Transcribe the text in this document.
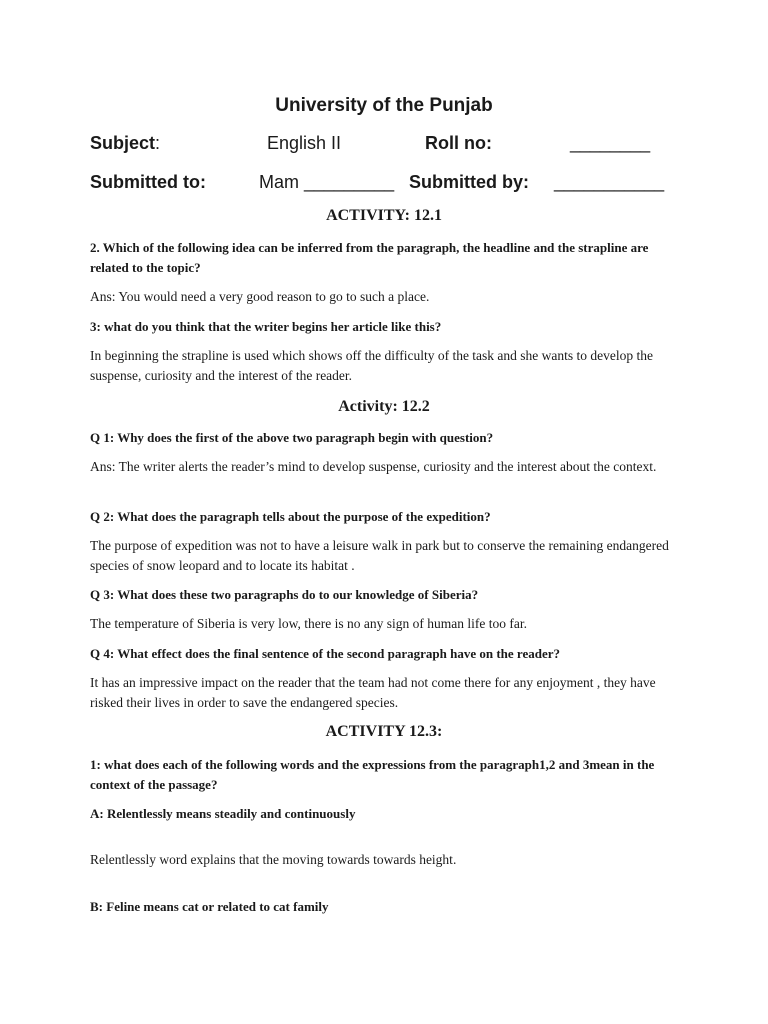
University of the Punjab
Subject:	English II	Roll no:	________
Submitted to:	Mam _________ Submitted by: ___________
ACTIVITY: 12.1
2. Which of the following idea can be inferred from the paragraph, the headline and the strapline are related to the topic?
Ans: You would need a very good reason to go to such a place.
3: what do you think that the writer begins her article like this?
In beginning the strapline is used which shows off the difficulty of the task and she wants to develop the suspense, curiosity and the interest of the reader.
Activity: 12.2
Q 1: Why does the first of the above two paragraph begin with question?
Ans: The writer alerts the reader’s mind to develop suspense, curiosity and the interest about the context.
Q 2: What does the paragraph tells about the purpose of the expedition?
The purpose of expedition was not to have a leisure walk in park but to conserve the remaining endangered species of snow leopard and to locate its habitat .
Q 3: What does these two paragraphs do to our knowledge of Siberia?
The temperature of Siberia is very low, there is no any sign of human life too far.
Q 4: What effect does the final sentence of the second paragraph have on the reader?
It has an impressive impact on the reader that the team had not come there for any enjoyment , they have risked their lives in order to save the endangered species.
ACTIVITY 12.3:
1: what does each of the following words and the expressions from the paragraph1,2 and 3mean in the context of the passage?
A: Relentlessly means steadily and continuously
Relentlessly word explains that the moving towards towards height.
B: Feline means cat or related to cat family
